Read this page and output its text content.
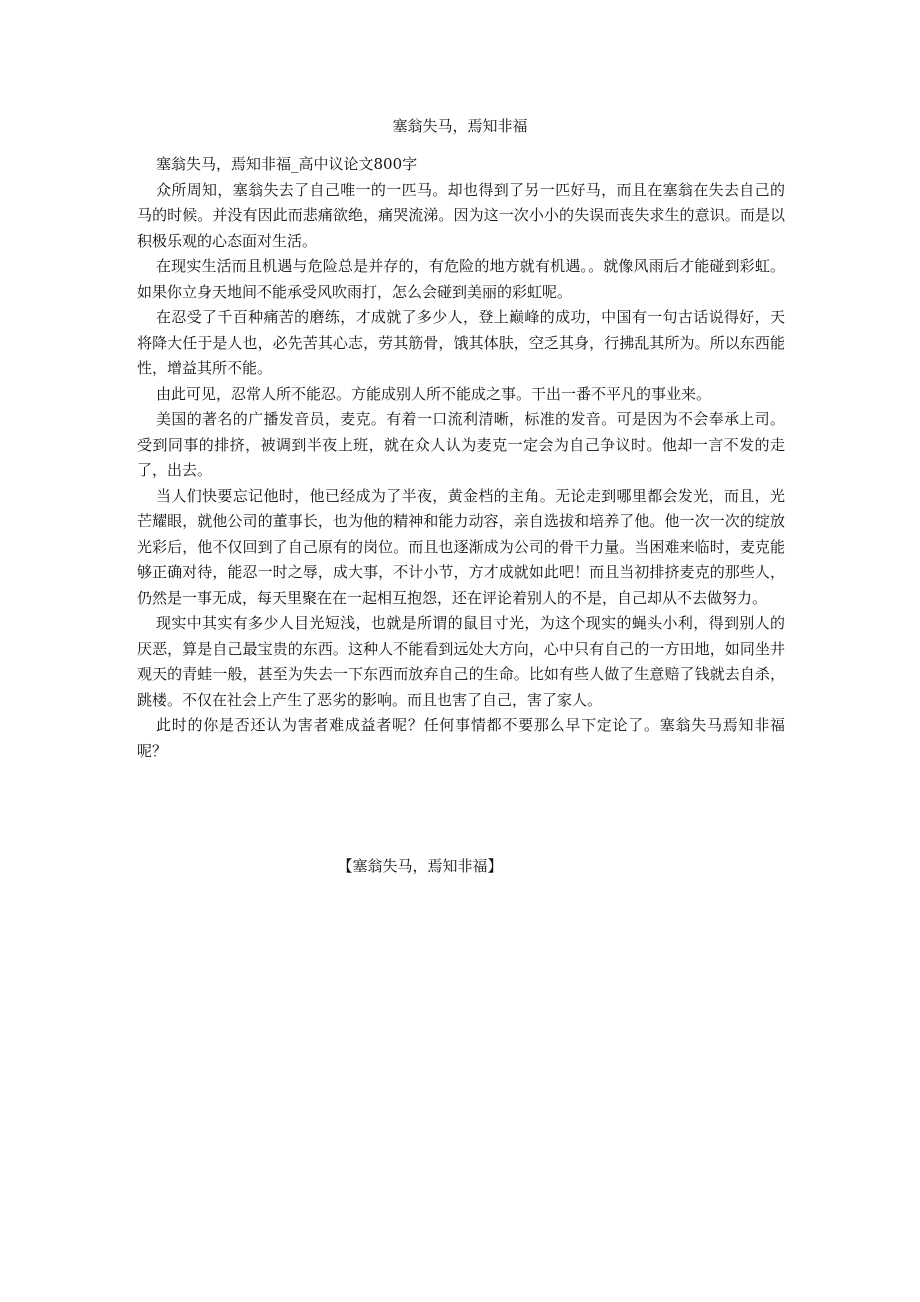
塞翁失马，焉知非福

塞翁失马，焉知非福_高中议论文800字

众所周知，塞翁失去了自己唯一的一匹马。却也得到了另一匹好马，而且在塞翁在失去自己的马的时候。并没有因此而悲痛欲绝，痛哭流涕。因为这一次小小的失误而丧失求生的意识。而是以积极乐观的心态面对生活。

在现实生活而且机遇与危险总是并存的，有危险的地方就有机遇。。就像风雨后才能碰到彩虹。如果你立身天地间不能承受风吹雨打，怎么会碰到美丽的彩虹呢。

在忍受了千百种痛苦的磨练，才成就了多少人，登上巅峰的成功，中国有一句古话说得好，天将降大任于是人也，必先苦其心志，劳其筋骨，饿其体肤，空乏其身，行拂乱其所为。所以东西能性，增益其所不能。

由此可见，忍常人所不能忍。方能成别人所不能成之事。干出一番不平凡的事业来。

美国的著名的广播发音员，麦克。有着一口流利清晰，标准的发音。可是因为不会奉承上司。受到同事的排挤，被调到半夜上班，就在众人认为麦克一定会为自己争议时。他却一言不发的走了，出去。

当人们快要忘记他时，他已经成为了半夜，黄金档的主角。无论走到哪里都会发光，而且，光芒耀眼，就他公司的董事长，也为他的精神和能力动容，亲自选拔和培养了他。他一次一次的绽放光彩后，他不仅回到了自己原有的岗位。而且也逐渐成为公司的骨干力量。当困难来临时，麦克能够正确对待，能忍一时之辱，成大事，不计小节，方才成就如此吧！而且当初排挤麦克的那些人，仍然是一事无成，每天里聚在在一起相互抱怨，还在评论着别人的不是，自己却从不去做努力。

现实中其实有多少人目光短浅，也就是所谓的鼠目寸光，为这个现实的蝇头小利，得到别人的厌恶，算是自己最宝贵的东西。这种人不能看到远处大方向，心中只有自己的一方田地，如同坐井观天的青蛙一般，甚至为失去一下东西而放弃自己的生命。比如有些人做了生意赔了钱就去自杀，跳楼。不仅在社会上产生了恶劣的影响。而且也害了自己，害了家人。

此时的你是否还认为害者难成益者呢？任何事情都不要那么早下定论了。塞翁失马焉知非福呢？

【塞翁失马，焉知非福】
